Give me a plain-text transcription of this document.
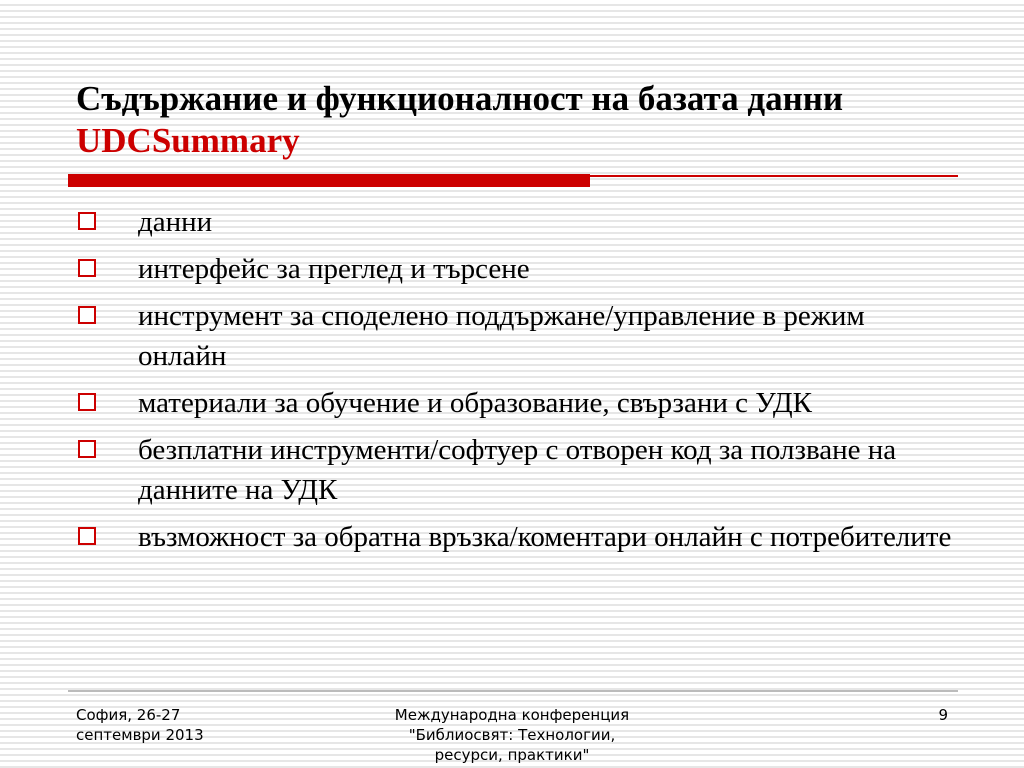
Съдържание и функционалност на базата данни
UDCSummary
данни
интерфейс за преглед и търсене
инструмент за споделено поддържане/управление в режим онлайн
материали за обучение и образование, свързани с УДК
безплатни инструменти/софтуер с отворен код за ползване на данните на УДК
възможност за обратна връзка/коментари онлайн с потребителите
София, 26-27
септември 2013
Международна конференция
"Библиосвят: Технологии,
ресурси, практики"
9
